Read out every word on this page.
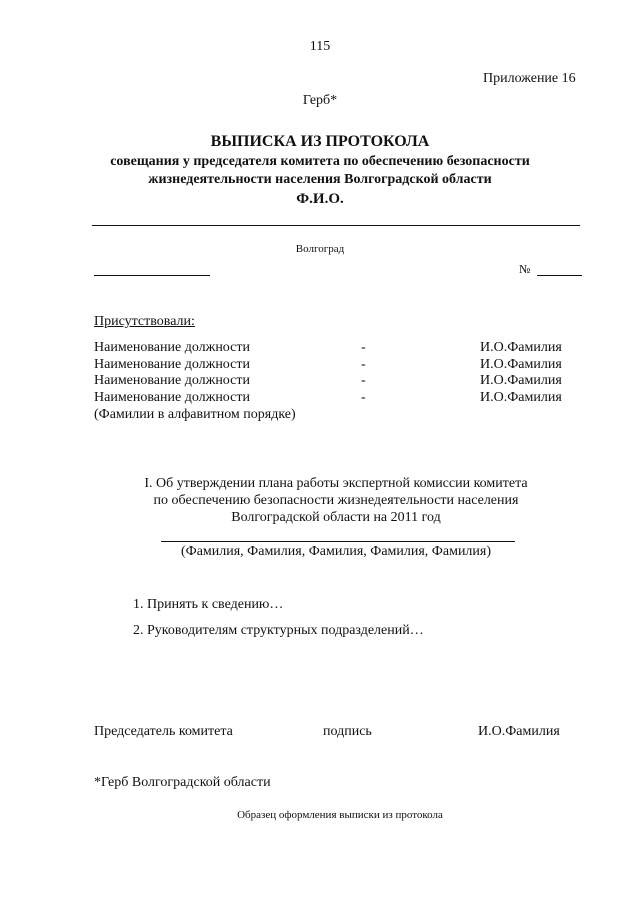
115
Приложение 16
Герб*
ВЫПИСКА ИЗ ПРОТОКОЛА
совещания у председателя комитета по обеспечению безопасности
жизнедеятельности населения Волгоградской области
Ф.И.О.
Волгоград
№
Присутствовали:
Наименование должности	-	И.О.Фамилия
Наименование должности	-	И.О.Фамилия
Наименование должности	-	И.О.Фамилия
Наименование должности	-	И.О.Фамилия
(Фамилии в алфавитном порядке)
I. Об утверждении плана работы экспертной комиссии комитета
по обеспечению безопасности жизнедеятельности населения
Волгоградской области на 2011 год
(Фамилия, Фамилия, Фамилия, Фамилия, Фамилия)
1. Принять к сведению…
2. Руководителям структурных подразделений…
Председатель комитета	подпись	И.О.Фамилия
*Герб Волгоградской области
Образец оформления выписки из протокола
